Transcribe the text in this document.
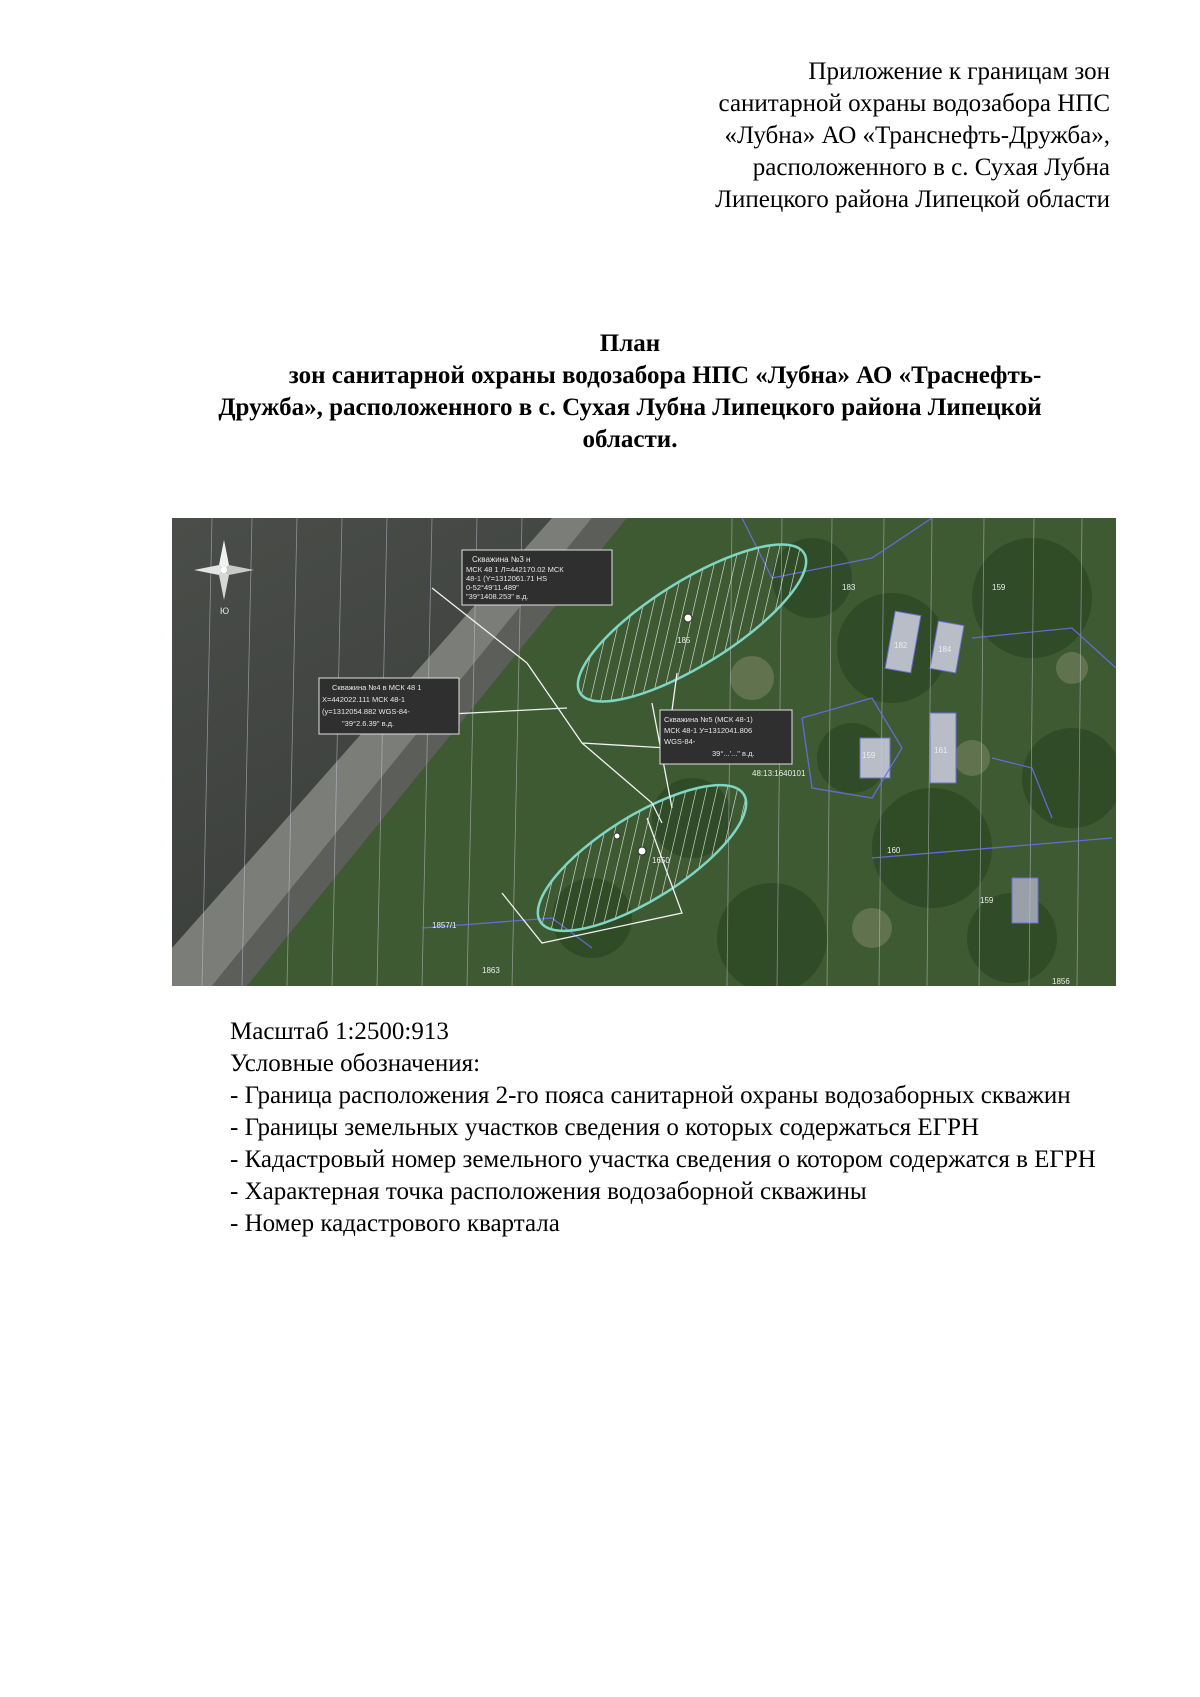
Приложение к границам зон
санитарной охраны водозабора НПС
«Лубна» АО «Транснефть-Дружба»,
расположенного в с. Сухая Лубна
Липецкого района Липецкой области
План
зон санитарной охраны водозабора НПС «Лубна» АО «Траснефть-
Дружба», расположенного в с. Сухая Лубна Липецкого района Липецкой
области.
Ю
Скважина №3 н
МСК 48 1 Л=442170.02 МСК
48-1 (Y=1312061.71 НS
0-52°49'11.489"
"39°1408.253" в.д.
Скважина №4 в МСК 48 1
Х=442022.111 МСК 48-1
(у=1312054.882 WGS-84-
"39°2.6.39" в.д.	Скважина №5 (МСК 48-1)
МСК 48-1 У=1312041.806
WGS-84-
39°...'..." в.д.
183	159
182	184
185
161
159
1650
160
159
1857/1
1863
1856
48:13:1640101
Масштаб 1:2500:913
Условные обозначения:
- Граница расположения 2-го пояса санитарной охраны водозаборных скважин
- Границы земельных участков сведения о которых содержаться ЕГРН
- Кадастровый номер земельного участка сведения о котором содержатся в ЕГРН
- Характерная точка расположения водозаборной скважины
- Номер кадастрового квартала
